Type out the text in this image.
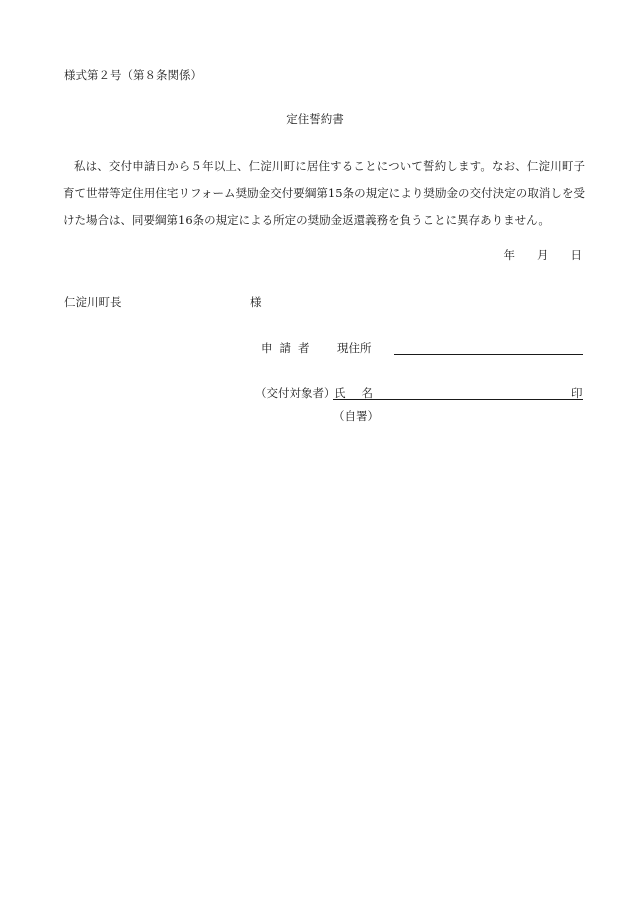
様式第２号（第８条関係）
定住誓約書
私は、交付申請日から５年以上、仁淀川町に居住することについて誓約します。なお、仁淀川町子育て世帯等定住用住宅リフォーム奨励金交付要綱第15条の規定により奨励金の交付決定の取消しを受けた場合は、同要綱第16条の規定による所定の奨励金返還義務を負うことに異存ありません。
年 月 日
仁淀川町長	様
申請者 現住所
（交付対象者）
氏名	印
（自署）
